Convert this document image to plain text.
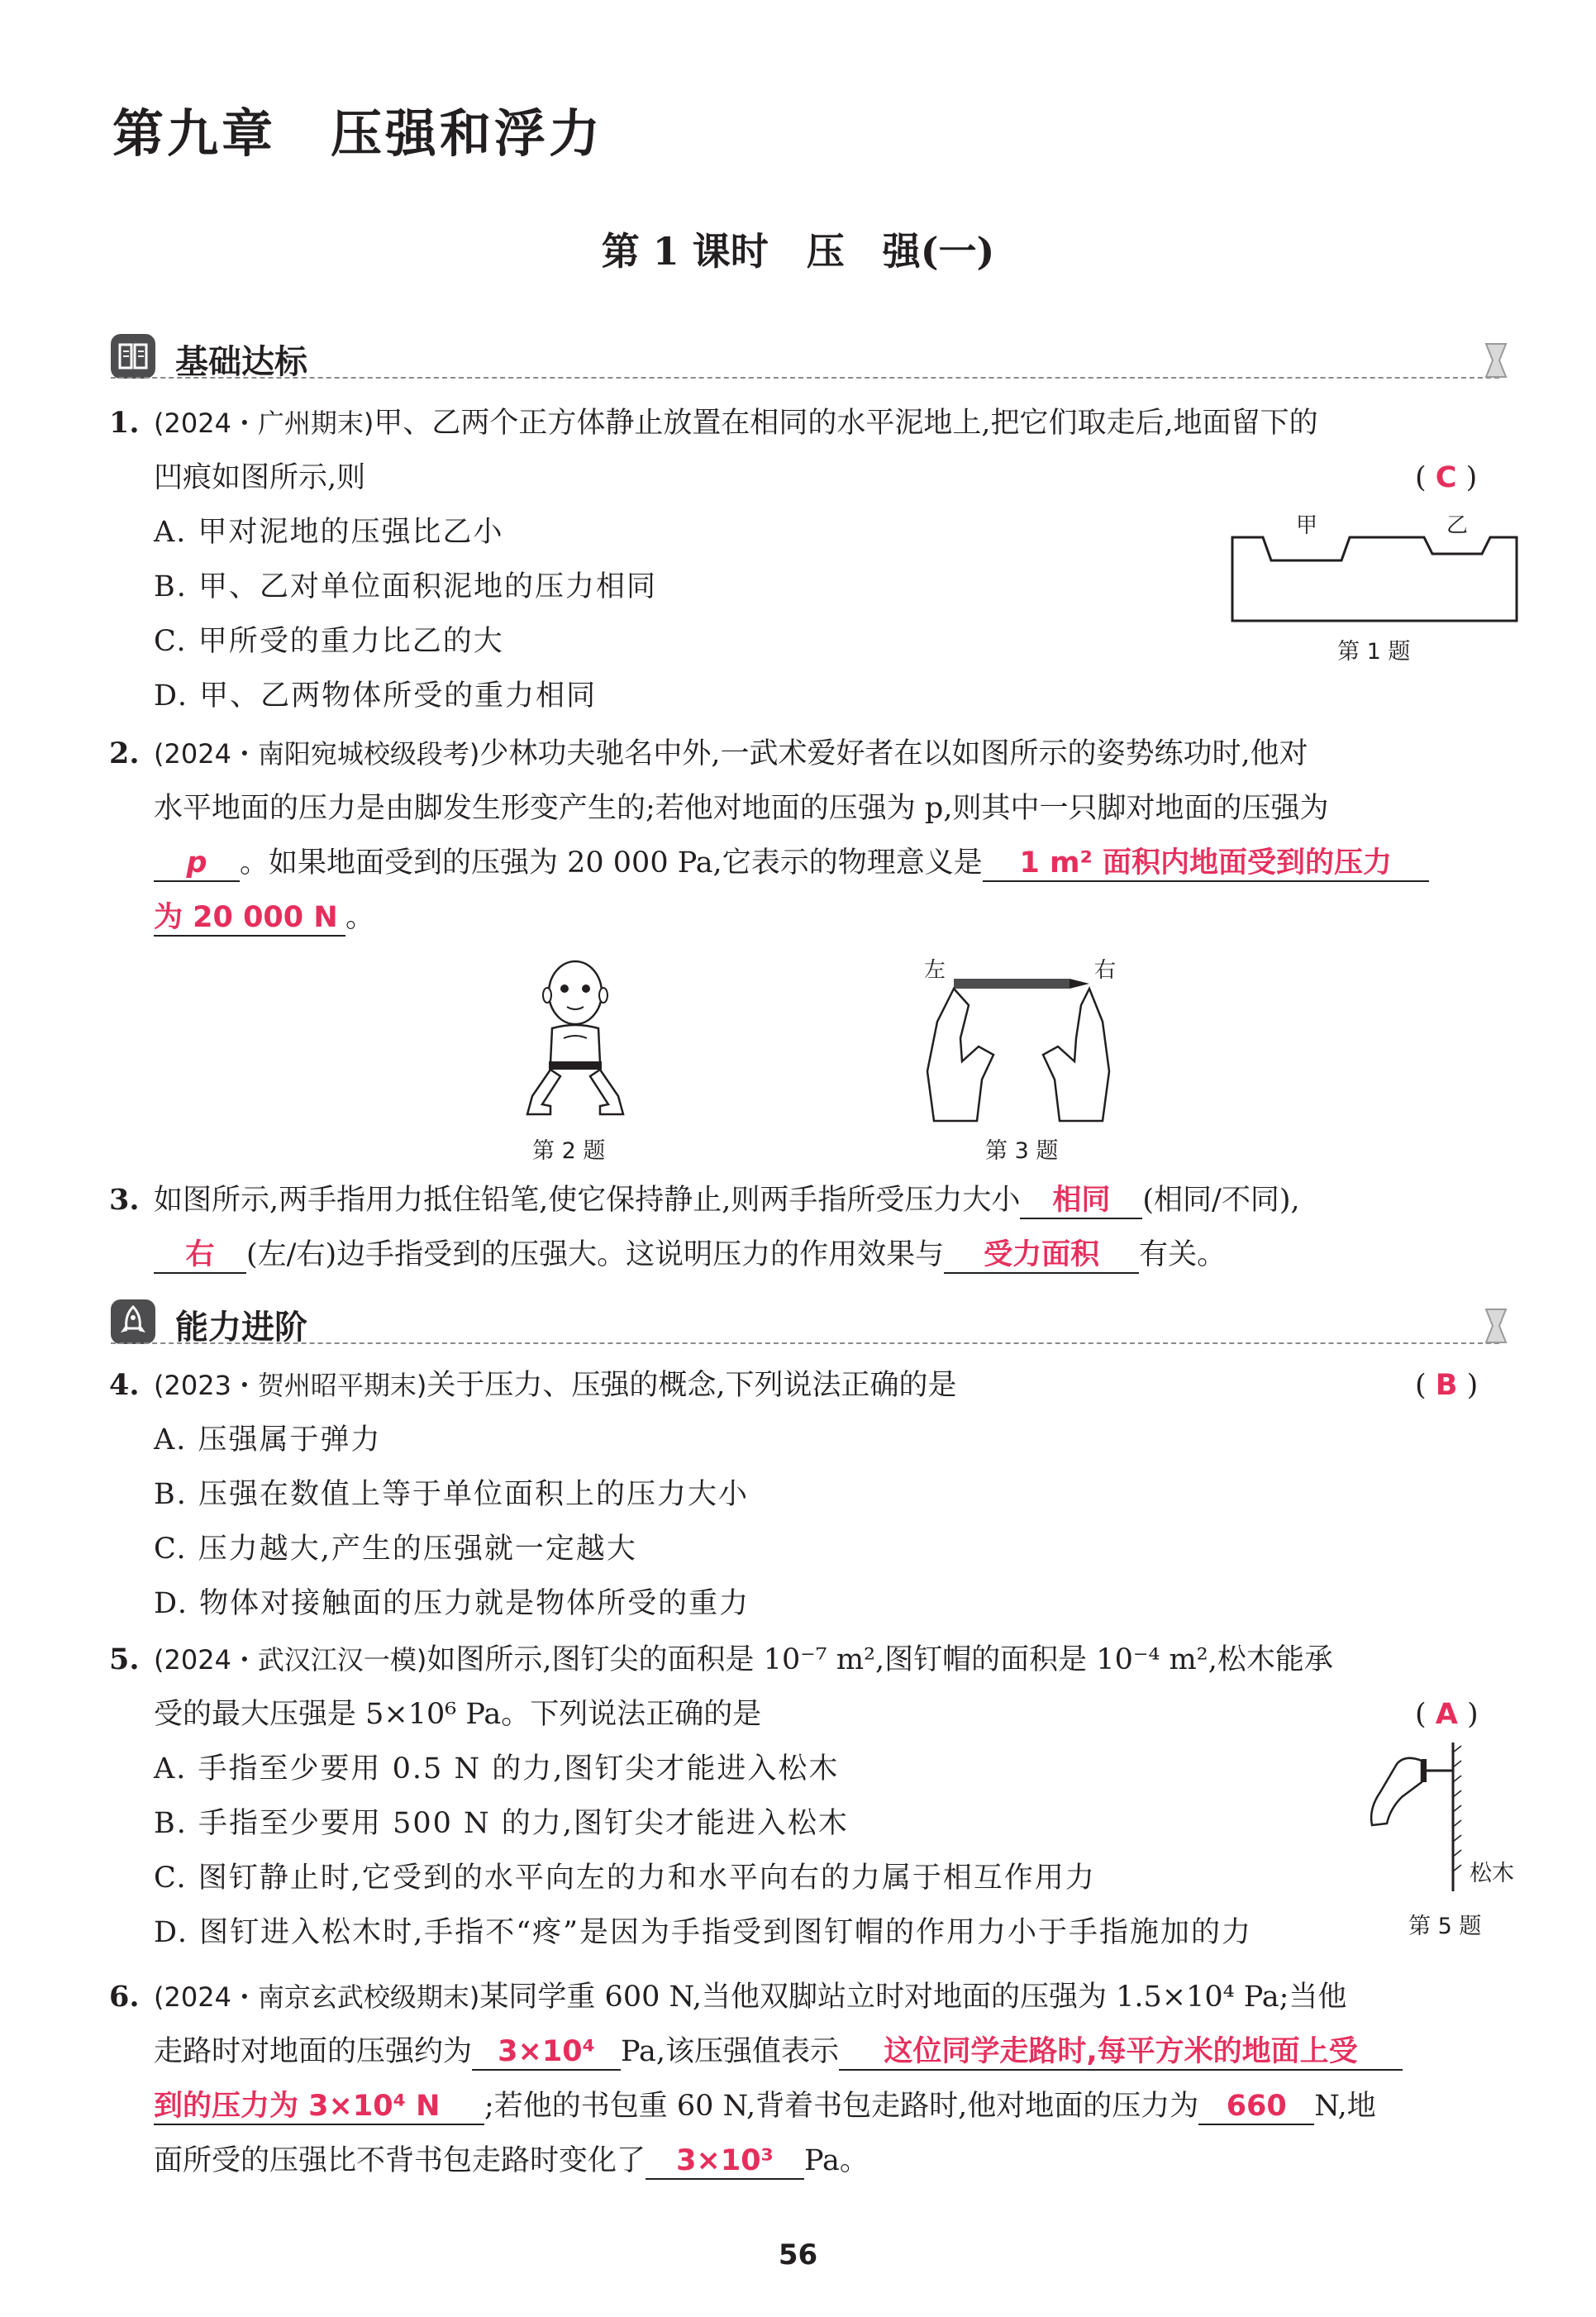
第九章　压强和浮力
第 1 课时　压　强(一)
基础达标
1. (2024・广州期末)甲、乙两个正方体静止放置在相同的水平泥地上,把它们取走后,地面留下的
凹痕如图所示,则	( C )
A. 甲对泥地的压强比乙小
B. 甲、乙对单位面积泥地的压力相同
C. 甲所受的重力比乙的大
D. 甲、乙两物体所受的重力相同
甲	乙
第 1 题
2. (2024・南阳宛城校级段考)少林功夫驰名中外,一武术爱好者在以如图所示的姿势练功时,他对
水平地面的压力是由脚发生形变产生的;若他对地面的压强为 p,则其中一只脚对地面的压强为
p 。如果地面受到的压强为 20 000 Pa,它表示的物理意义是 1 m² 面积内地面受到的压力
为 20 000 N 。
第 2 题
左	右
第 3 题
3. 如图所示,两手指用力抵住铅笔,使它保持静止,则两手指所受压力大小 相同 (相同/不同),
右 (左/右)边手指受到的压强大。这说明压力的作用效果与 受力面积 有关。
能力进阶
4. (2023・贺州昭平期末)关于压力、压强的概念,下列说法正确的是	( B )
A. 压强属于弹力
B. 压强在数值上等于单位面积上的压力大小
C. 压力越大,产生的压强就一定越大
D. 物体对接触面的压力就是物体所受的重力
5. (2024・武汉江汉一模)如图所示,图钉尖的面积是 10⁻⁷ m²,图钉帽的面积是 10⁻⁴ m²,松木能承
受的最大压强是 5×10⁶ Pa。下列说法正确的是	( A )
A. 手指至少要用 0.5 N 的力,图钉尖才能进入松木
B. 手指至少要用 500 N 的力,图钉尖才能进入松木
C. 图钉静止时,它受到的水平向左的力和水平向右的力属于相互作用力
D. 图钉进入松木时,手指不“疼”是因为手指受到图钉帽的作用力小于手指施加的力
松木
第 5 题
6. (2024・南京玄武校级期末)某同学重 600 N,当他双脚站立时对地面的压强为 1.5×10⁴ Pa;当他
走路时对地面的压强约为 3×10⁴ Pa,该压强值表示 这位同学走路时,每平方米的地面上受
到的压力为 3×10⁴ N ;若他的书包重 60 N,背着书包走路时,他对地面的压力为 660 N,地
面所受的压强比不背书包走路时变化了 3×10³ Pa。
56
